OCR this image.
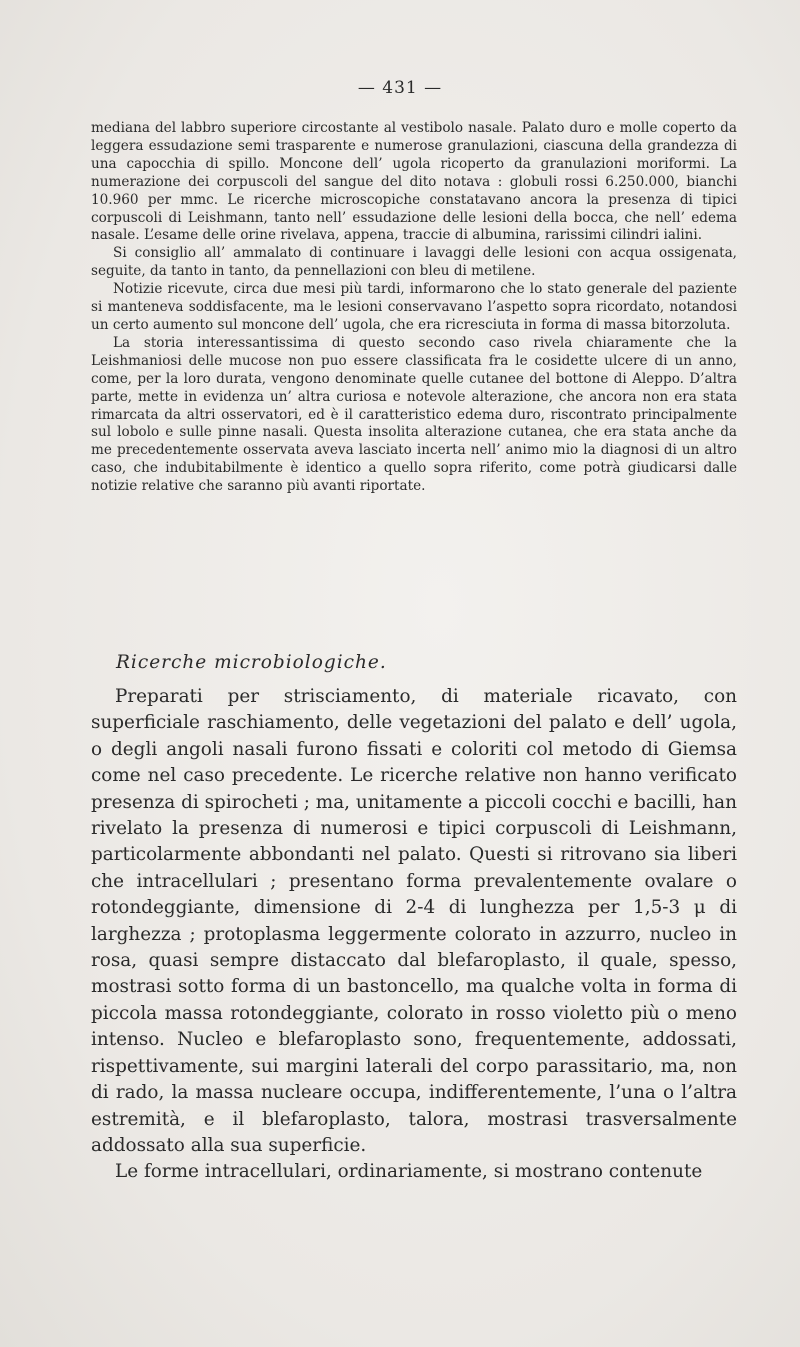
— 431 —

mediana del labbro superiore circostante al vestibolo nasale. Palato duro e molle coperto da leggera essudazione semi trasparente e numerose granulazioni, ciascuna della grandezza di una capocchia di spillo. Moncone dell’ ugola ricoperto da granulazioni moriformi. La numerazione dei corpuscoli del sangue del dito notava : globuli rossi 6.250.000, bianchi 10.960 per mmc. Le ricerche microscopiche constatavano ancora la presenza di tipici corpuscoli di Leishmann, tanto nell’ essudazione delle lesioni della bocca, che nell’ edema nasale. L’esame delle orine rivelava, appena, traccie di albumina, rarissimi cilindri ialini.

Si consiglio all’ ammalato di continuare i lavaggi delle lesioni con acqua ossigenata, seguite, da tanto in tanto, da pennellazioni con bleu di metilene.

Notizie ricevute, circa due mesi più tardi, informarono che lo stato generale del paziente si manteneva soddisfacente, ma le lesioni conservavano l’aspetto sopra ricordato, notandosi un certo aumento sul moncone dell’ ugola, che era ricresciuta in forma di massa bitorzoluta.

La storia interessantissima di questo secondo caso rivela chiaramente che la Leishmaniosi delle mucose non puo essere classificata fra le cosidette ulcere di un anno, come, per la loro durata, vengono denominate quelle cutanee del bottone di Aleppo. D’altra parte, mette in evidenza un’ altra curiosa e notevole alterazione, che ancora non era stata rimarcata da altri osservatori, ed è il caratteristico edema duro, riscontrato principalmente sul lobolo e sulle pinne nasali. Questa insolita alterazione cutanea, che era stata anche da me precedentemente osservata aveva lasciato incerta nell’ animo mio la diagnosi di un altro caso, che indubitabilmente è identico a quello sopra riferito, come potrà giudicarsi dalle notizie relative che saranno più avanti riportate.

Ricerche microbiologiche.

Preparati per strisciamento, di materiale ricavato, con superficiale raschiamento, delle vegetazioni del palato e dell’ ugola, o degli angoli nasali furono fissati e coloriti col metodo di Giemsa come nel caso precedente. Le ricerche relative non hanno verificato presenza di spirocheti ; ma, unitamente a piccoli cocchi e bacilli, han rivelato la presenza di numerosi e tipici corpuscoli di Leishmann, particolarmente abbondanti nel palato. Questi si ritrovano sia liberi che intracellulari ; presentano forma prevalentemente ovalare o rotondeggiante, dimensione di 2-4 di lunghezza per 1,5-3 μ di larghezza ; protoplasma leggermente colorato in azzurro, nucleo in rosa, quasi sempre distaccato dal blefaroplasto, il quale, spesso, mostrasi sotto forma di un bastoncello, ma qualche volta in forma di piccola massa rotondeggiante, colorato in rosso violetto più o meno intenso. Nucleo e blefaroplasto sono, frequentemente, addossati, rispettivamente, sui margini laterali del corpo parassitario, ma, non di rado, la massa nucleare occupa, indifferentemente, l’una o l’altra estremità, e il blefaroplasto, talora, mostrasi trasversalmente addossato alla sua superficie.

Le forme intracellulari, ordinariamente, si mostrano contenute
